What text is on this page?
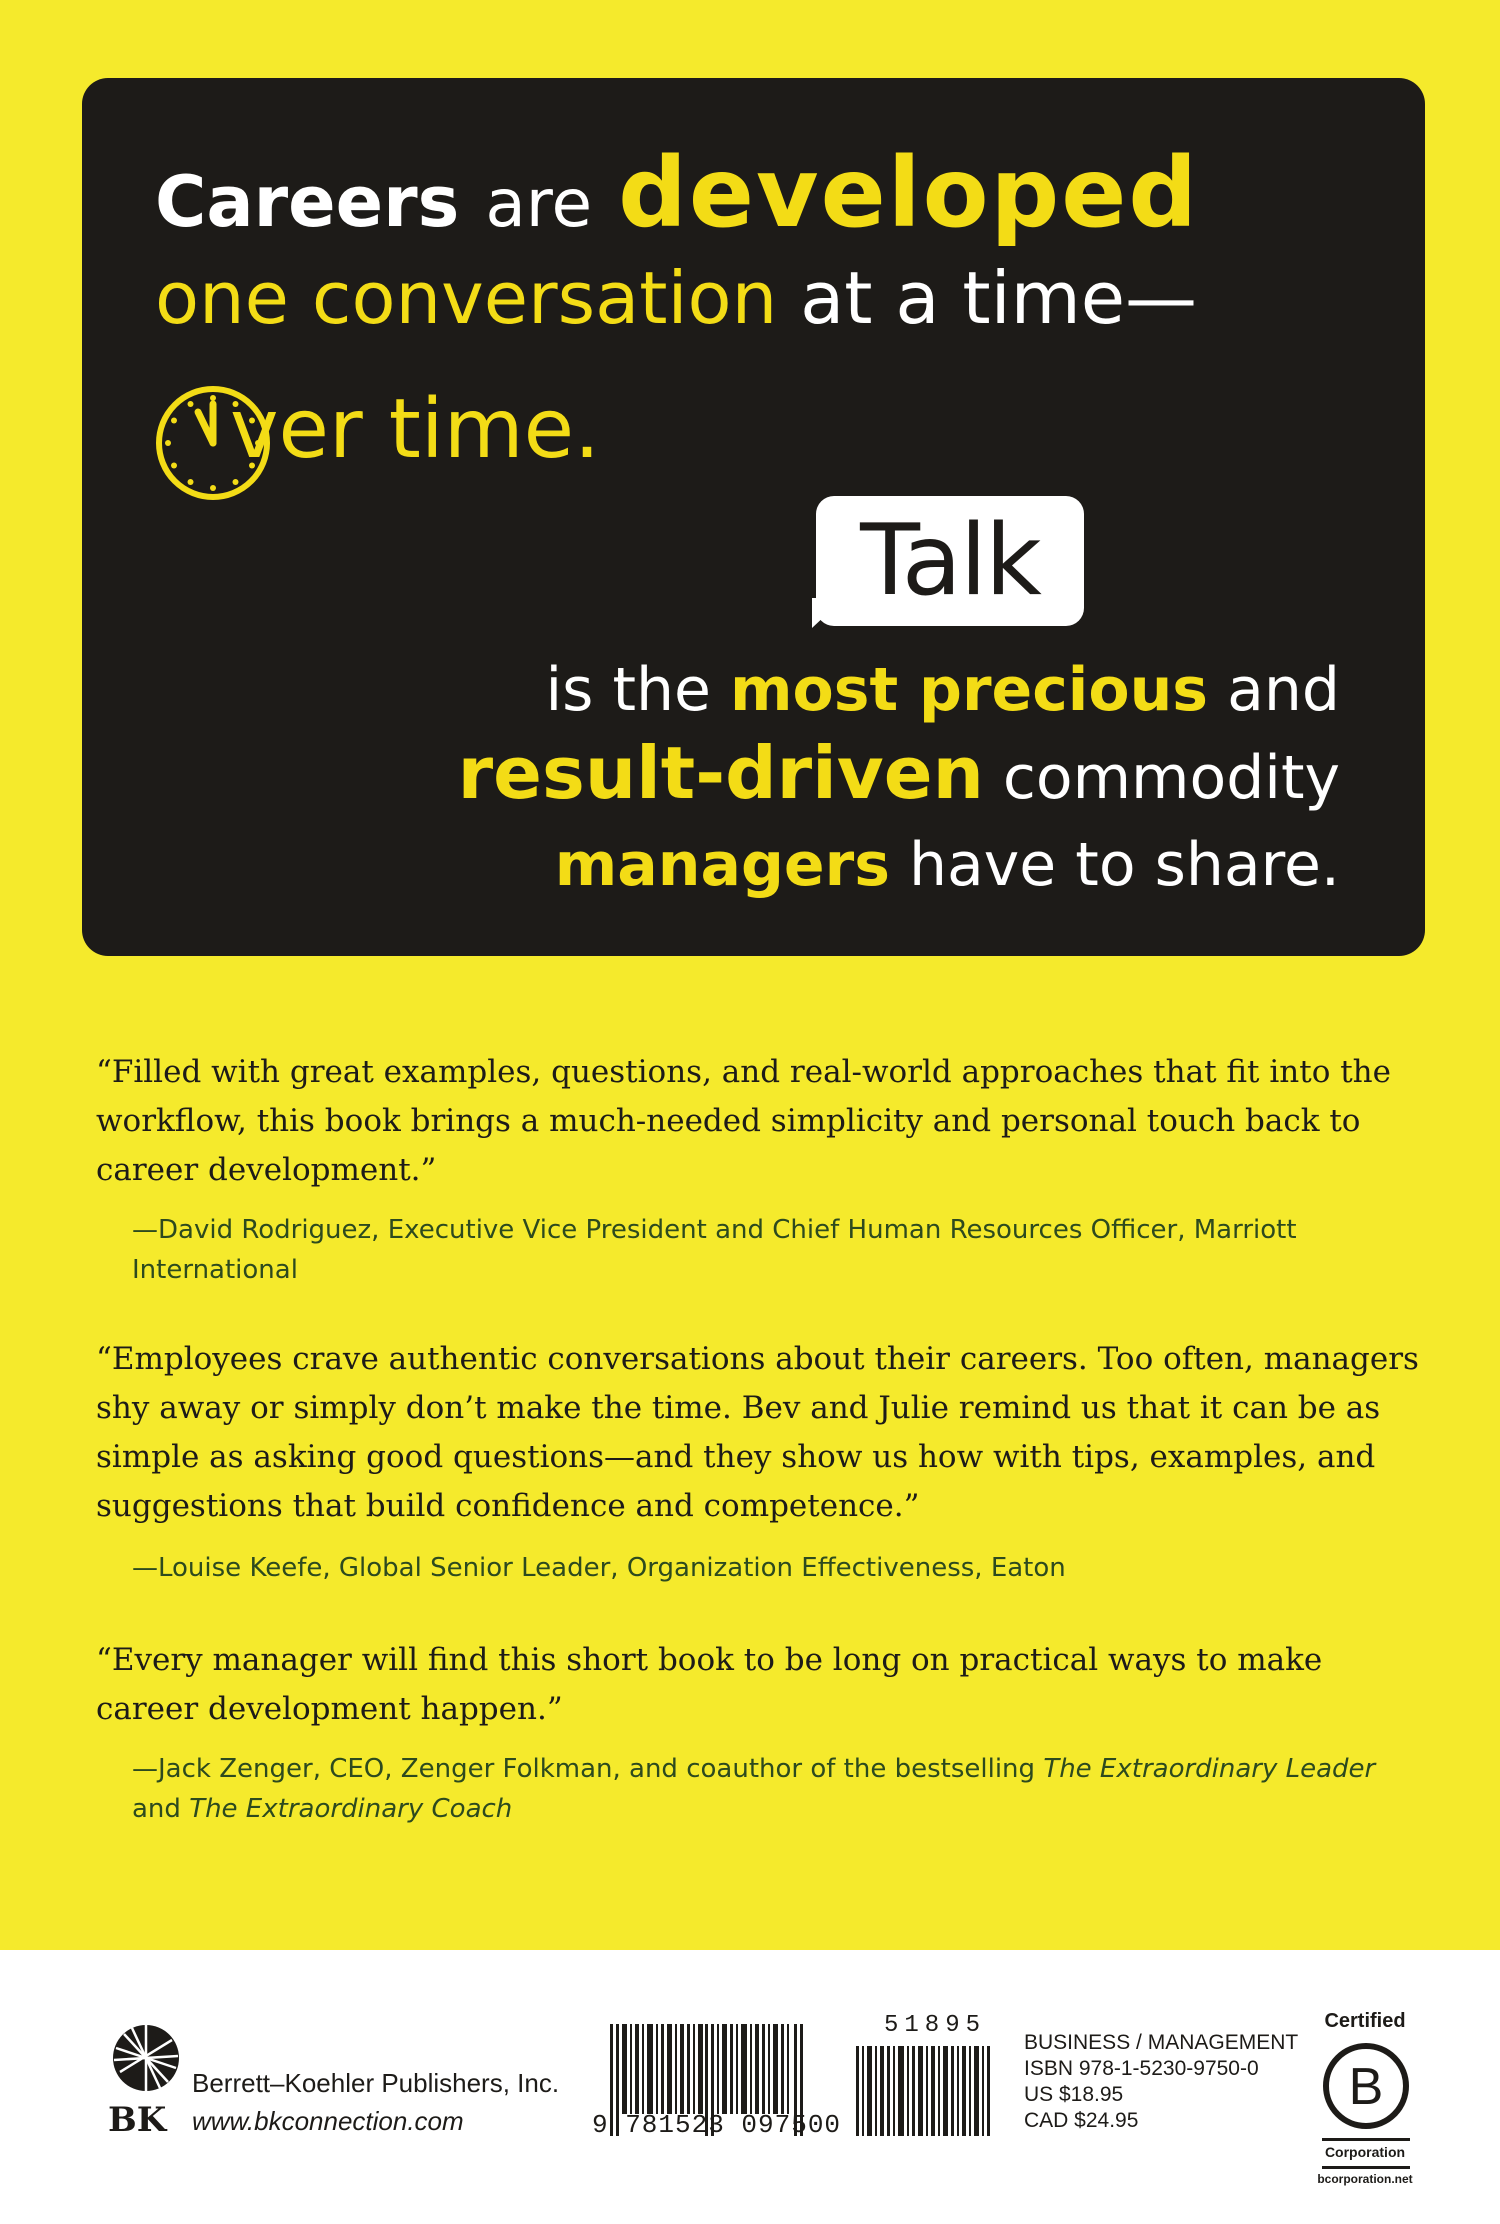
Careers are developed
one conversation at a time—
ver time.
Talk
is the most precious and
result-driven commodity
managers have to share.
“Filled with great examples, questions, and real-world approaches that fit into the workflow, this book brings a much-needed simplicity and personal touch back to career development.”
—David Rodriguez, Executive Vice President and Chief Human Resources Officer, Marriott International
“Employees crave authentic conversations about their careers. Too often, managers shy away or simply don’t make the time. Bev and Julie remind us that it can be as simple as asking good questions—and they show us how with tips, examples, and suggestions that build confidence and competence.”
—Louise Keefe, Global Senior Leader, Organization Effectiveness, Eaton
“Every manager will find this short book to be long on practical ways to make career development happen.”
—Jack Zenger, CEO, Zenger Folkman, and coauthor of the bestselling The Extraordinary Leader and The Extraordinary Coach
BK
Berrett–Koehler Publishers, Inc.
www.bkconnection.com	9 781523 097500
51895
BUSINESS / MANAGEMENT
ISBN 978-1-5230-9750-0
US $18.95
CAD $24.95
Certified
B
Corporation
bcorporation.net
